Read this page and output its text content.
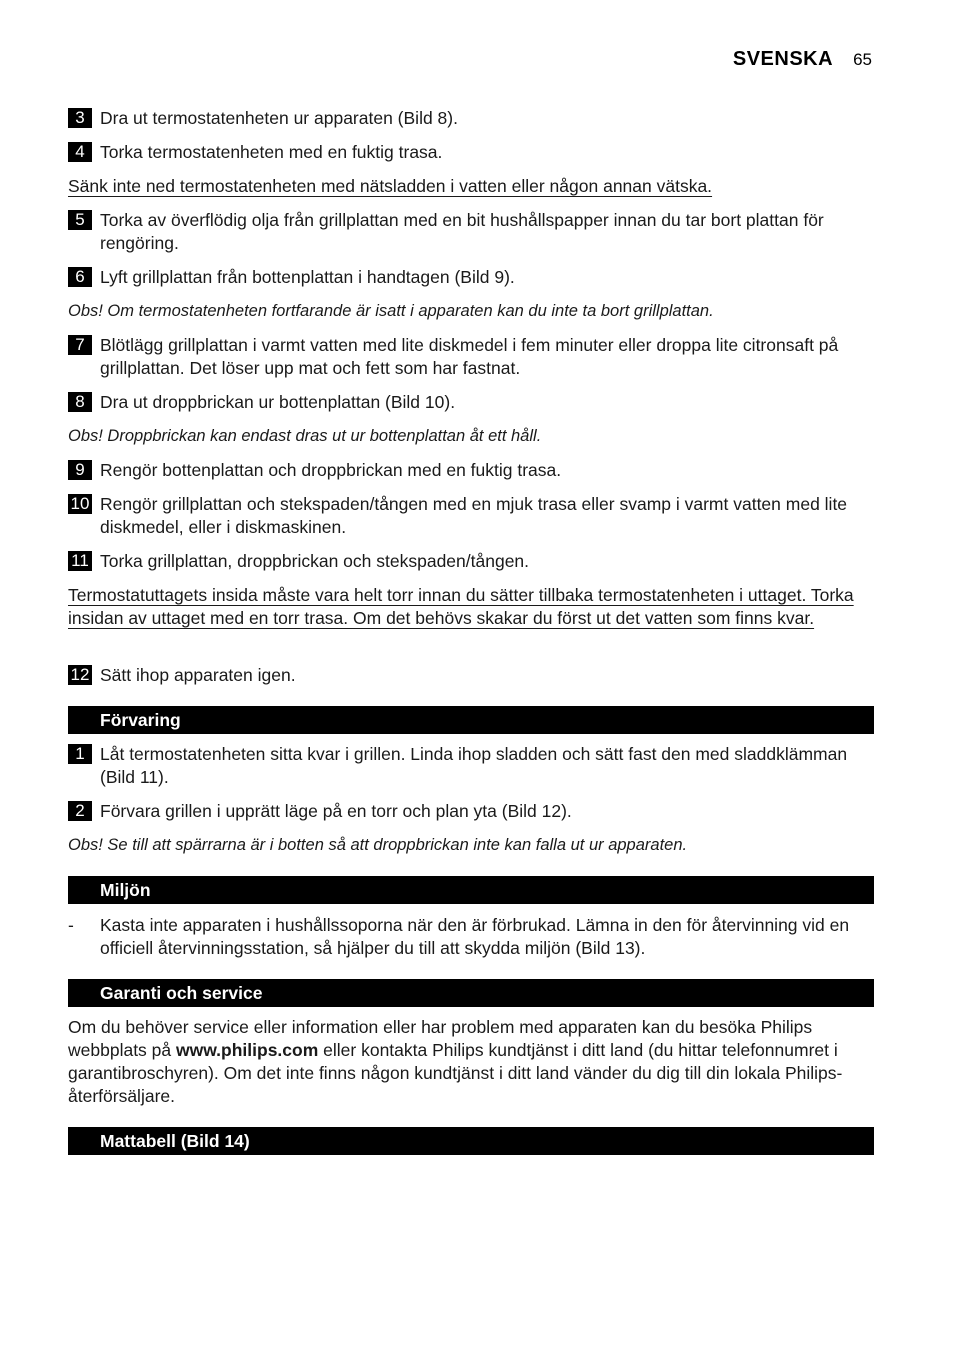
SVENSKA 65
3 Dra ut termostatenheten ur apparaten (Bild 8).
4 Torka termostatenheten med en fuktig trasa.
Sänk inte ned termostatenheten med nätsladden i vatten eller någon annan vätska.
5 Torka av överflödig olja från grillplattan med en bit hushållspapper innan du tar bort plattan för rengöring.
6 Lyft grillplattan från bottenplattan i handtagen (Bild 9).
Obs! Om termostatenheten fortfarande är isatt i apparaten kan du inte ta bort grillplattan.
7 Blötlägg grillplattan i varmt vatten med lite diskmedel i fem minuter eller droppa lite citronsaft på grillplattan. Det löser upp mat och fett som har fastnat.
8 Dra ut droppbrickan ur bottenplattan (Bild 10).
Obs! Droppbrickan kan endast dras ut ur bottenplattan åt ett håll.
9 Rengör bottenplattan och droppbrickan med en fuktig trasa.
10 Rengör grillplattan och stekspaden/tången med en mjuk trasa eller svamp i varmt vatten med lite diskmedel, eller i diskmaskinen.
11 Torka grillplattan, droppbrickan och stekspaden/tången.
Termostatuttagets insida måste vara helt torr innan du sätter tillbaka termostatenheten i uttaget. Torka insidan av uttaget med en torr trasa. Om det behövs skakar du först ut det vatten som finns kvar.
12 Sätt ihop apparaten igen.
Förvaring
1 Låt termostatenheten sitta kvar i grillen. Linda ihop sladden och sätt fast den med sladdklämman (Bild 11).
2 Förvara grillen i upprätt läge på en torr och plan yta (Bild 12).
Obs! Se till att spärrarna är i botten så att droppbrickan inte kan falla ut ur apparaten.
Miljön
-	Kasta inte apparaten i hushållssoporna när den är förbrukad. Lämna in den för återvinning vid en officiell återvinningsstation, så hjälper du till att skydda miljön (Bild 13).
Garanti och service
Om du behöver service eller information eller har problem med apparaten kan du besöka Philips webbplats på www.philips.com eller kontakta Philips kundtjänst i ditt land (du hittar telefonnumret i garantibroschyren). Om det inte finns någon kundtjänst i ditt land vänder du dig till din lokala Philips-återförsäljare.
Mattabell (Bild 14)
